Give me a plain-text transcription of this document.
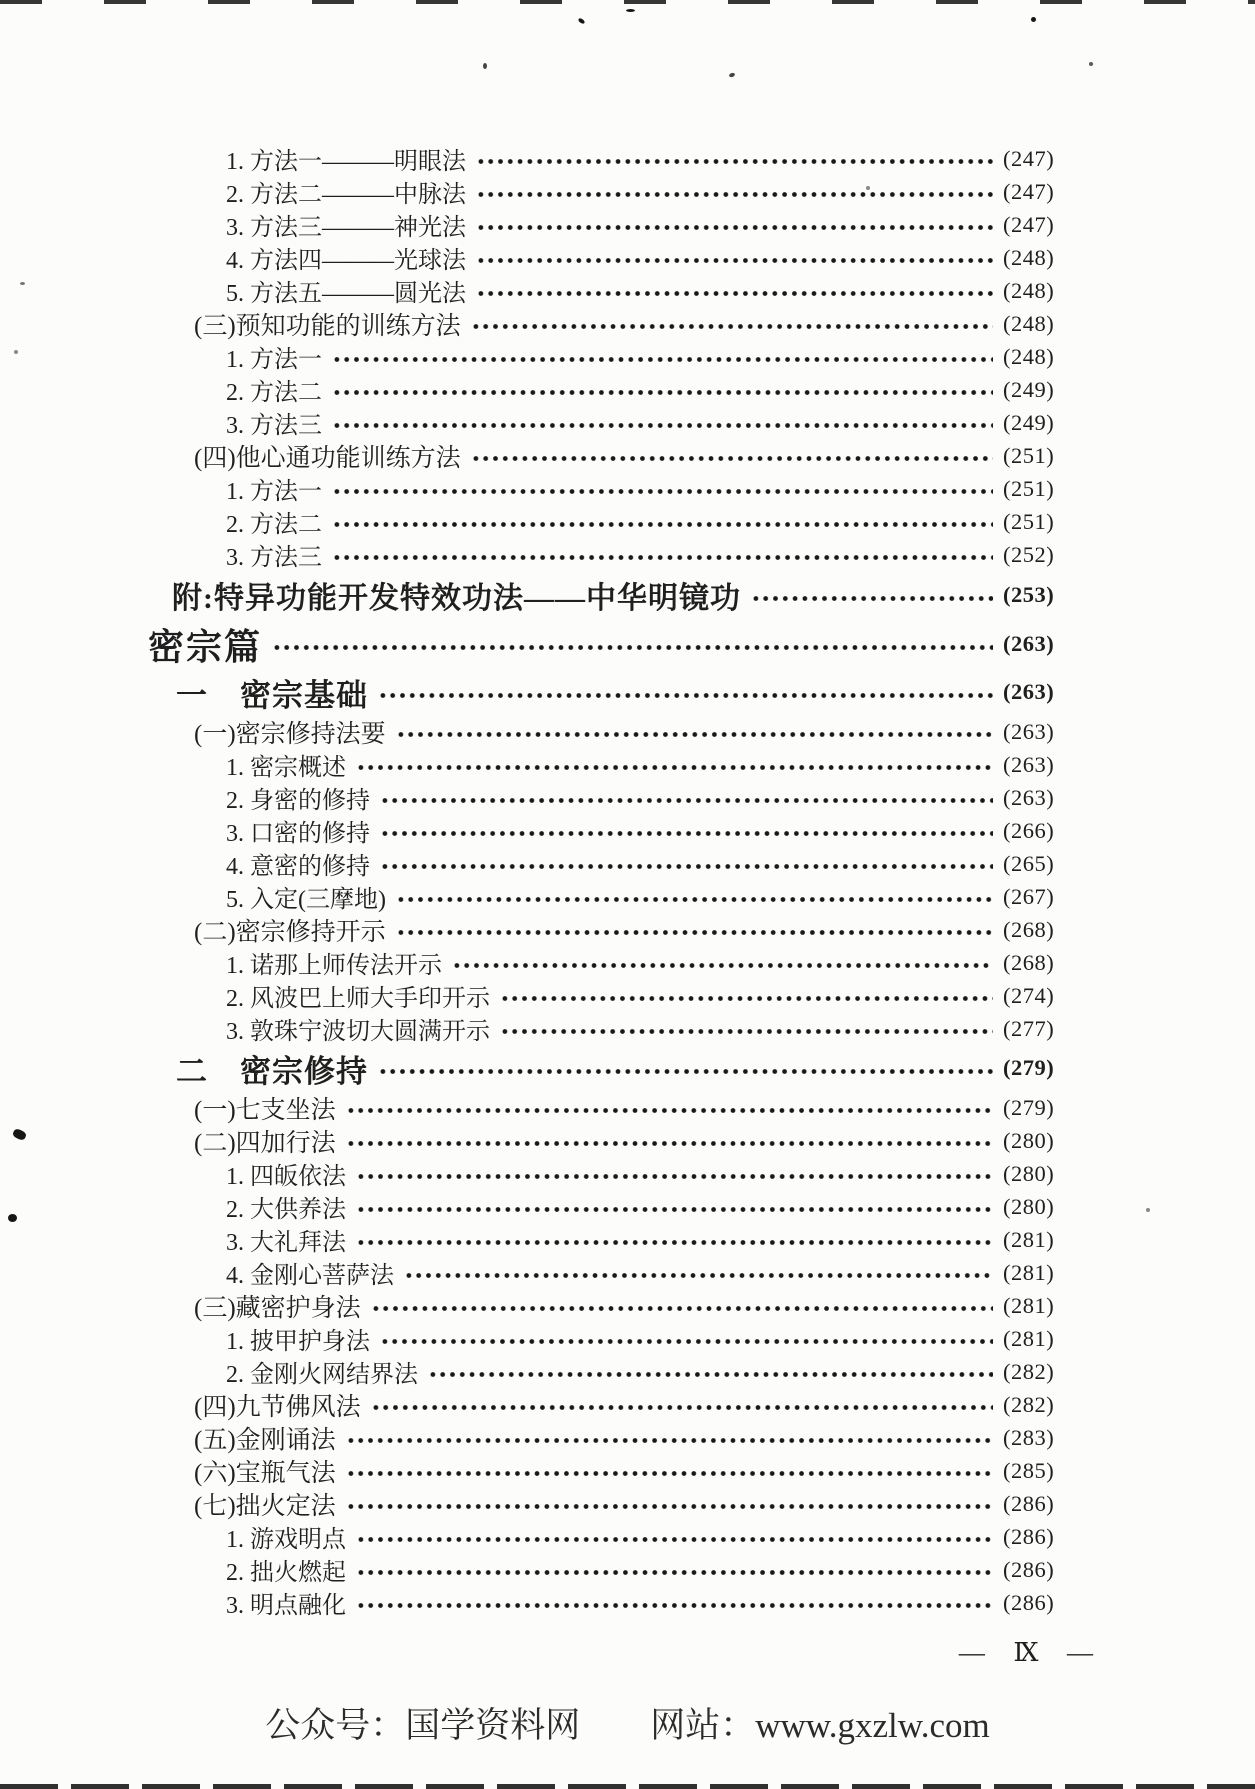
1. 方法一———明眼法	(247)
2. 方法二———中脉法	(247)
3. 方法三———神光法	(247)
4. 方法四———光球法	(248)
5. 方法五———圆光法	(248)
(三)预知功能的训练方法	(248)
1. 方法一	(248)
2. 方法二	(249)
3. 方法三	(249)
(四)他心通功能训练方法	(251)
1. 方法一	(251)
2. 方法二	(251)
3. 方法三	(252)
附:特异功能开发特效功法——中华明镜功	(253)
密宗篇	(263)
一　密宗基础	(263)
(一)密宗修持法要	(263)
1. 密宗概述	(263)
2. 身密的修持	(263)
3. 口密的修持	(266)
4. 意密的修持	(265)
5. 入定(三摩地)	(267)
(二)密宗修持开示	(268)
1. 诺那上师传法开示	(268)
2. 风波巴上师大手印开示	(274)
3. 敦珠宁波切大圆满开示	(277)
二　密宗修持	(279)
(一)七支坐法	(279)
(二)四加行法	(280)
1. 四皈依法	(280)
2. 大供养法	(280)
3. 大礼拜法	(281)
4. 金刚心菩萨法	(281)
(三)藏密护身法	(281)
1. 披甲护身法	(281)
2. 金刚火网结界法	(282)
(四)九节佛风法	(282)
(五)金刚诵法	(283)
(六)宝瓶气法	(285)
(七)拙火定法	(286)
1. 游戏明点	(286)
2. 拙火燃起	(286)
3. 明点融化	(286)
— Ⅸ —
公众号：国学资料网　　网站：www.gxzlw.com
